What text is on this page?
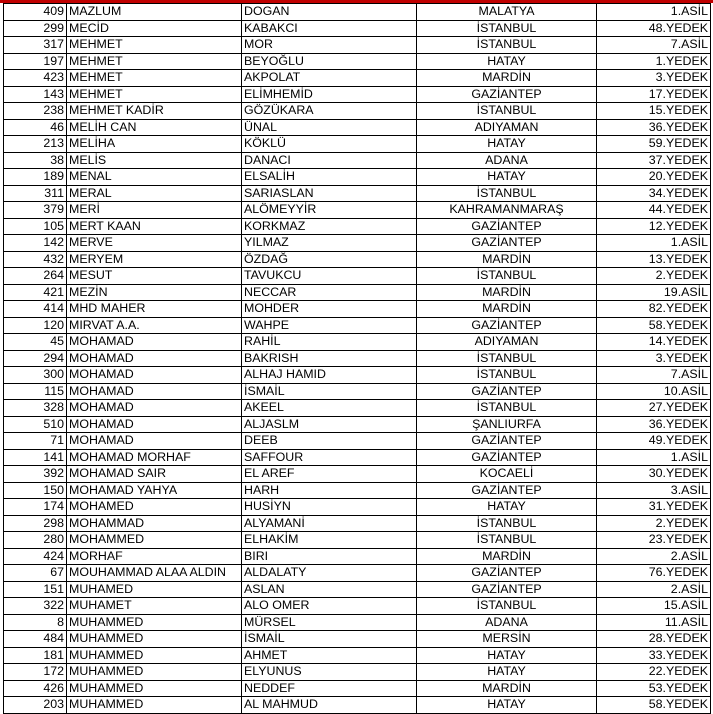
409	MAZLUM	DOGAN	MALATYA	1.ASİL
299	MECİD	KABAKCI	İSTANBUL	48.YEDEK
317	MEHMET	MOR	İSTANBUL	7.ASİL
197	MEHMET	BEYOĞLU	HATAY	1.YEDEK
423	MEHMET	AKPOLAT	MARDİN	3.YEDEK
143	MEHMET	ELİMHEMİD	GAZİANTEP	17.YEDEK
238	MEHMET KADİR	GÖZÜKARA	İSTANBUL	15.YEDEK
46	MELİH CAN	ÜNAL	ADIYAMAN	36.YEDEK
213	MELİHA	KÖKLÜ	HATAY	59.YEDEK
38	MELİS	DANACI	ADANA	37.YEDEK
189	MENAL	ELSALİH	HATAY	20.YEDEK
311	MERAL	SARIASLAN	İSTANBUL	34.YEDEK
379	MERİ	ALÖMEYYİR	KAHRAMANMARAŞ	44.YEDEK
105	MERT KAAN	KORKMAZ	GAZİANTEP	12.YEDEK
142	MERVE	YILMAZ	GAZİANTEP	1.ASİL
432	MERYEM	ÖZDAĞ	MARDİN	13.YEDEK
264	MESUT	TAVUKCU	İSTANBUL	2.YEDEK
421	MEZİN	NECCAR	MARDİN	19.ASİL
414	MHD MAHER	MOHDER	MARDİN	82.YEDEK
120	MIRVAT A.A.	WAHPE	GAZİANTEP	58.YEDEK
45	MOHAMAD	RAHİL	ADIYAMAN	14.YEDEK
294	MOHAMAD	BAKRISH	İSTANBUL	3.YEDEK
300	MOHAMAD	ALHAJ HAMID	İSTANBUL	7.ASİL
115	MOHAMAD	İSMAİL	GAZİANTEP	10.ASİL
328	MOHAMAD	AKEEL	İSTANBUL	27.YEDEK
510	MOHAMAD	ALJASLM	ŞANLIURFA	36.YEDEK
71	MOHAMAD	DEEB	GAZİANTEP	49.YEDEK
141	MOHAMAD MORHAF	SAFFOUR	GAZİANTEP	1.ASİL
392	MOHAMAD SAIR	EL AREF	KOCAELİ	30.YEDEK
150	MOHAMAD YAHYA	HARH	GAZİANTEP	3.ASİL
174	MOHAMED	HUSİYN	HATAY	31.YEDEK
298	MOHAMMAD	ALYAMANİ	İSTANBUL	2.YEDEK
280	MOHAMMED	ELHAKİM	İSTANBUL	23.YEDEK
424	MORHAF	BIRI	MARDİN	2.ASİL
67	MOUHAMMAD ALAA ALDIN	ALDALATY	GAZİANTEP	76.YEDEK
151	MUHAMED	ASLAN	GAZİANTEP	2.ASİL
322	MUHAMET	ALO OMER	İSTANBUL	15.ASİL
8	MUHAMMED	MÜRSEL	ADANA	11.ASİL
484	MUHAMMED	İSMAİL	MERSİN	28.YEDEK
181	MUHAMMED	AHMET	HATAY	33.YEDEK
172	MUHAMMED	ELYUNUS	HATAY	22.YEDEK
426	MUHAMMED	NEDDEF	MARDİN	53.YEDEK
203	MUHAMMED	AL MAHMUD	HATAY	58.YEDEK
